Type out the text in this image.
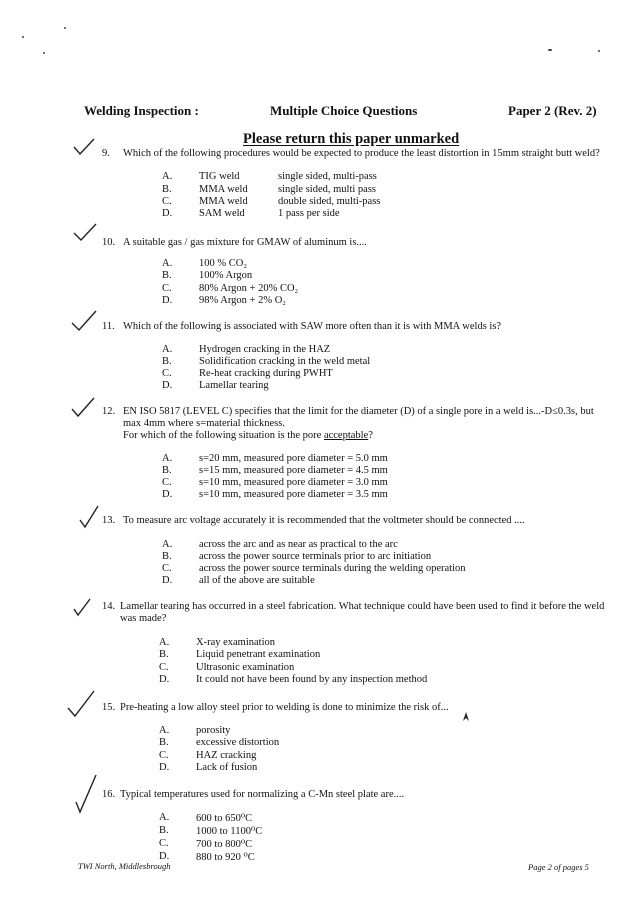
Welding Inspection :	Multiple Choice Questions	Paper 2 (Rev. 2)
Please return this paper unmarked
9. Which of the following procedures would be expected to produce the least distortion in 15mm straight butt weld?
A.	TIG weld	single sided, multi-pass
B.	MMA weld	single sided, multi pass
C.	MMA weld	double sided, multi-pass
D.	SAM weld	1 pass per side
10. A suitable gas / gas mixture for GMAW of aluminum is....
A.	100 % CO₂
B.	100% Argon
C.	80% Argon + 20% CO₂
D.	98% Argon + 2% O₂
11. Which of the following is associated with SAW more often than it is with MMA welds is?
A.	Hydrogen cracking in the HAZ
B.	Solidification cracking in the weld metal
C.	Re-heat cracking during PWHT
D.	Lamellar tearing
12. EN ISO 5817 (LEVEL C) specifies that the limit for the diameter (D) of a single pore in a weld is...-D≤0.3s, but
max 4mm where s=material thickness.
For which of the following situation is the pore acceptable?
A.	s=20 mm, measured pore diameter = 5.0 mm
B.	s=15 mm, measured pore diameter = 4.5 mm
C.	s=10 mm, measured pore diameter = 3.0 mm
D.	s=10 mm, measured pore diameter = 3.5 mm
13. To measure arc voltage accurately it is recommended that the voltmeter should be connected ....
A.	across the arc and as near as practical to the arc
B.	across the power source terminals prior to arc initiation
C.	across the power source terminals during the welding operation
D.	all of the above are suitable
14. Lamellar tearing has occurred in a steel fabrication. What technique could have been used to find it before the weld
was made?
A.	X-ray examination
B.	Liquid penetrant examination
C.	Ultrasonic examination
D.	It could not have been found by any inspection method
15. Pre-heating a low alloy steel prior to welding is done to minimize the risk of...
A.	porosity
B.	excessive distortion
C.	HAZ cracking
D.	Lack of fusion
16. Typical temperatures used for normalizing a C-Mn steel plate are....
A.	600 to 650⁰C
B.	1000 to 1100⁰C
C.	700 to 800⁰C
D.	880 to 920 ⁰C
TWI North, Middlesbrough	Page 2 of pages 5
